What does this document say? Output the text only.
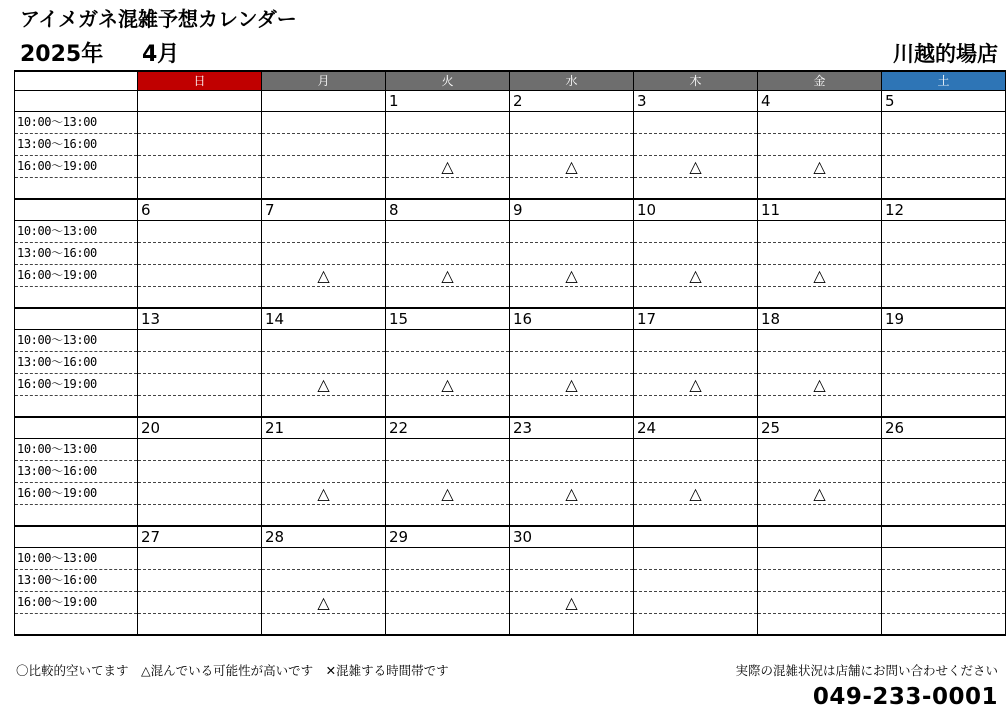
アイメガネ混雑予想カレンダー
2025年 4月	川越的場店
	日	月	火	水	木	金	土

			1	2	3	4	5

10:00～13:00							

13:00～16:00							

16:00～19:00			△	△	△	△	

	6	7	8	9	10	11	12

10:00～13:00							

13:00～16:00							

16:00～19:00		△	△	△	△	△	

	13	14	15	16	17	18	19

10:00～13:00							

13:00～16:00							

16:00～19:00		△	△	△	△	△	

	20	21	22	23	24	25	26

10:00～13:00							

13:00～16:00							

16:00～19:00		△	△	△	△	△	

	27	28	29	30			

10:00～13:00							

13:00～16:00							

16:00～19:00		△		△			

〇比較的空いてます　△混んでいる可能性が高いです　✕混雑する時間帯です	実際の混雑状況は店舗にお問い合わせください
049-233-0001
